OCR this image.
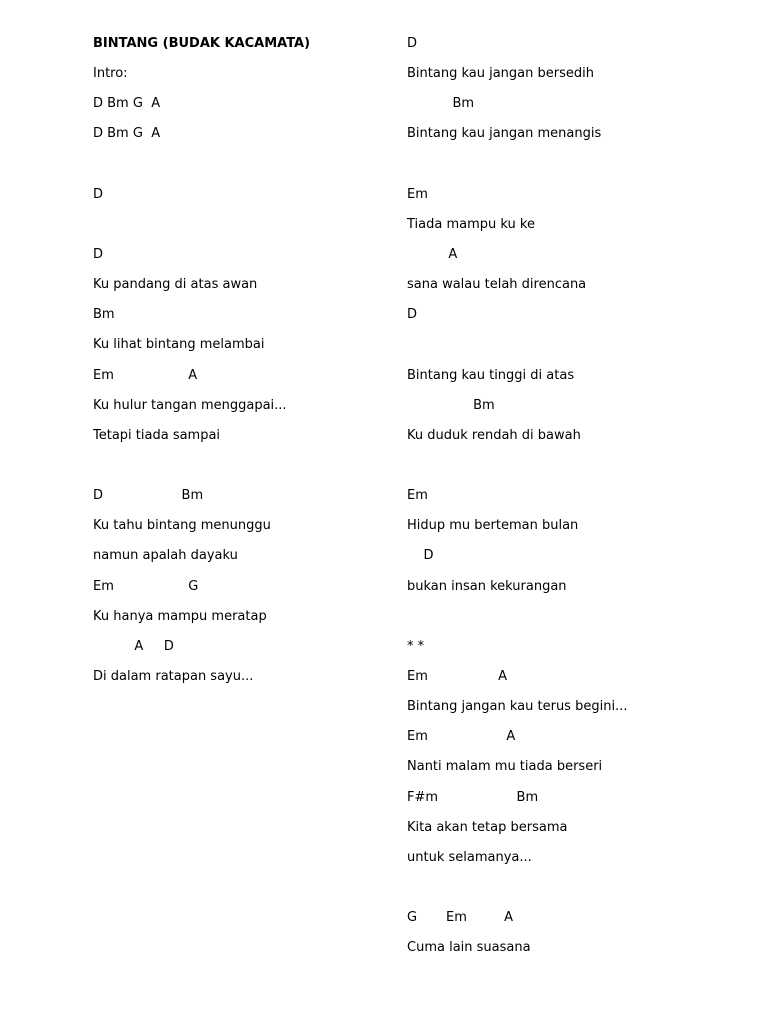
BINTANG (BUDAK KACAMATA)
Intro:
D Bm G  A
D Bm G  A
D
D
Ku pandang di atas awan
Bm
Ku lihat bintang melambai
Em                  A
Ku hulur tangan menggapai...
Tetapi tiada sampai
D                   Bm
Ku tahu bintang menunggu
namun apalah dayaku
Em                  G
Ku hanya mampu meratap
A     D
Di dalam ratapan sayu...
D
Bintang kau jangan bersedih
Bm
Bintang kau jangan menangis
Em
Tiada mampu ku ke
A
sana walau telah direncana
D
Bintang kau tinggi di atas
Bm
Ku duduk rendah di bawah
Em
Hidup mu berteman bulan
D
bukan insan kekurangan
* *
Em                 A
Bintang jangan kau terus begini...
Em                   A
Nanti malam mu tiada berseri
F#m                   Bm
Kita akan tetap bersama
untuk selamanya...
G       Em         A
Cuma lain suasana
